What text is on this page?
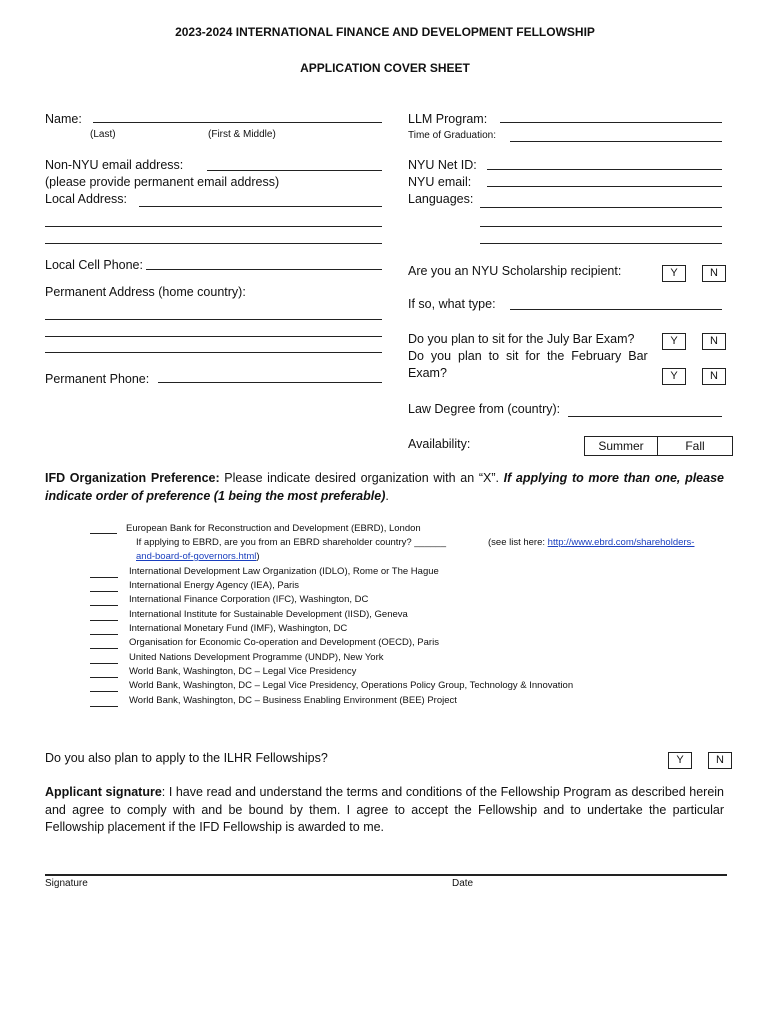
2023-2024 INTERNATIONAL FINANCE AND DEVELOPMENT FELLOWSHIP
APPLICATION COVER SHEET
Name:
(Last)	(First & Middle)
Non-NYU email address:
(please provide permanent email address)
Local Address:
Local Cell Phone:
Permanent Address (home country):
Permanent Phone:
LLM Program:
Time of Graduation:
NYU Net ID:
NYU email:
Languages:
Are you an NYU Scholarship recipient:	Y	N
If so, what type:
Do you plan to sit for the July Bar Exam?	Y	N
Do  you  plan  to  sit  for  the  February  Bar
Exam?	Y	N
Law Degree from (country):
Availability:	Summer	Fall
IFD Organization Preference: Please indicate desired organization with an “X”. If applying to more than one, please indicate order of preference (1 being the most preferable).
European Bank for Reconstruction and Development (EBRD), London
If applying to EBRD, are you from an EBRD shareholder country? ______	(see list here: http://www.ebrd.com/shareholders-
and-board-of-governors.html)
International Development Law Organization (IDLO), Rome or The Hague
International Energy Agency (IEA), Paris
International Finance Corporation (IFC), Washington, DC
International Institute for Sustainable Development (IISD), Geneva
International Monetary Fund (IMF), Washington, DC
Organisation for Economic Co-operation and Development (OECD), Paris
United Nations Development Programme (UNDP), New York
World Bank, Washington, DC – Legal Vice Presidency
World Bank, Washington, DC – Legal Vice Presidency, Operations Policy Group, Technology & Innovation
World Bank, Washington, DC – Business Enabling Environment (BEE) Project
Do you also plan to apply to the ILHR Fellowships?	Y	N
Applicant signature: I have read and understand the terms and conditions of the Fellowship Program as described herein and agree to comply with and be bound by them. I agree to accept the Fellowship and to undertake the particular Fellowship placement if the IFD Fellowship is awarded to me.
Signature	Date
